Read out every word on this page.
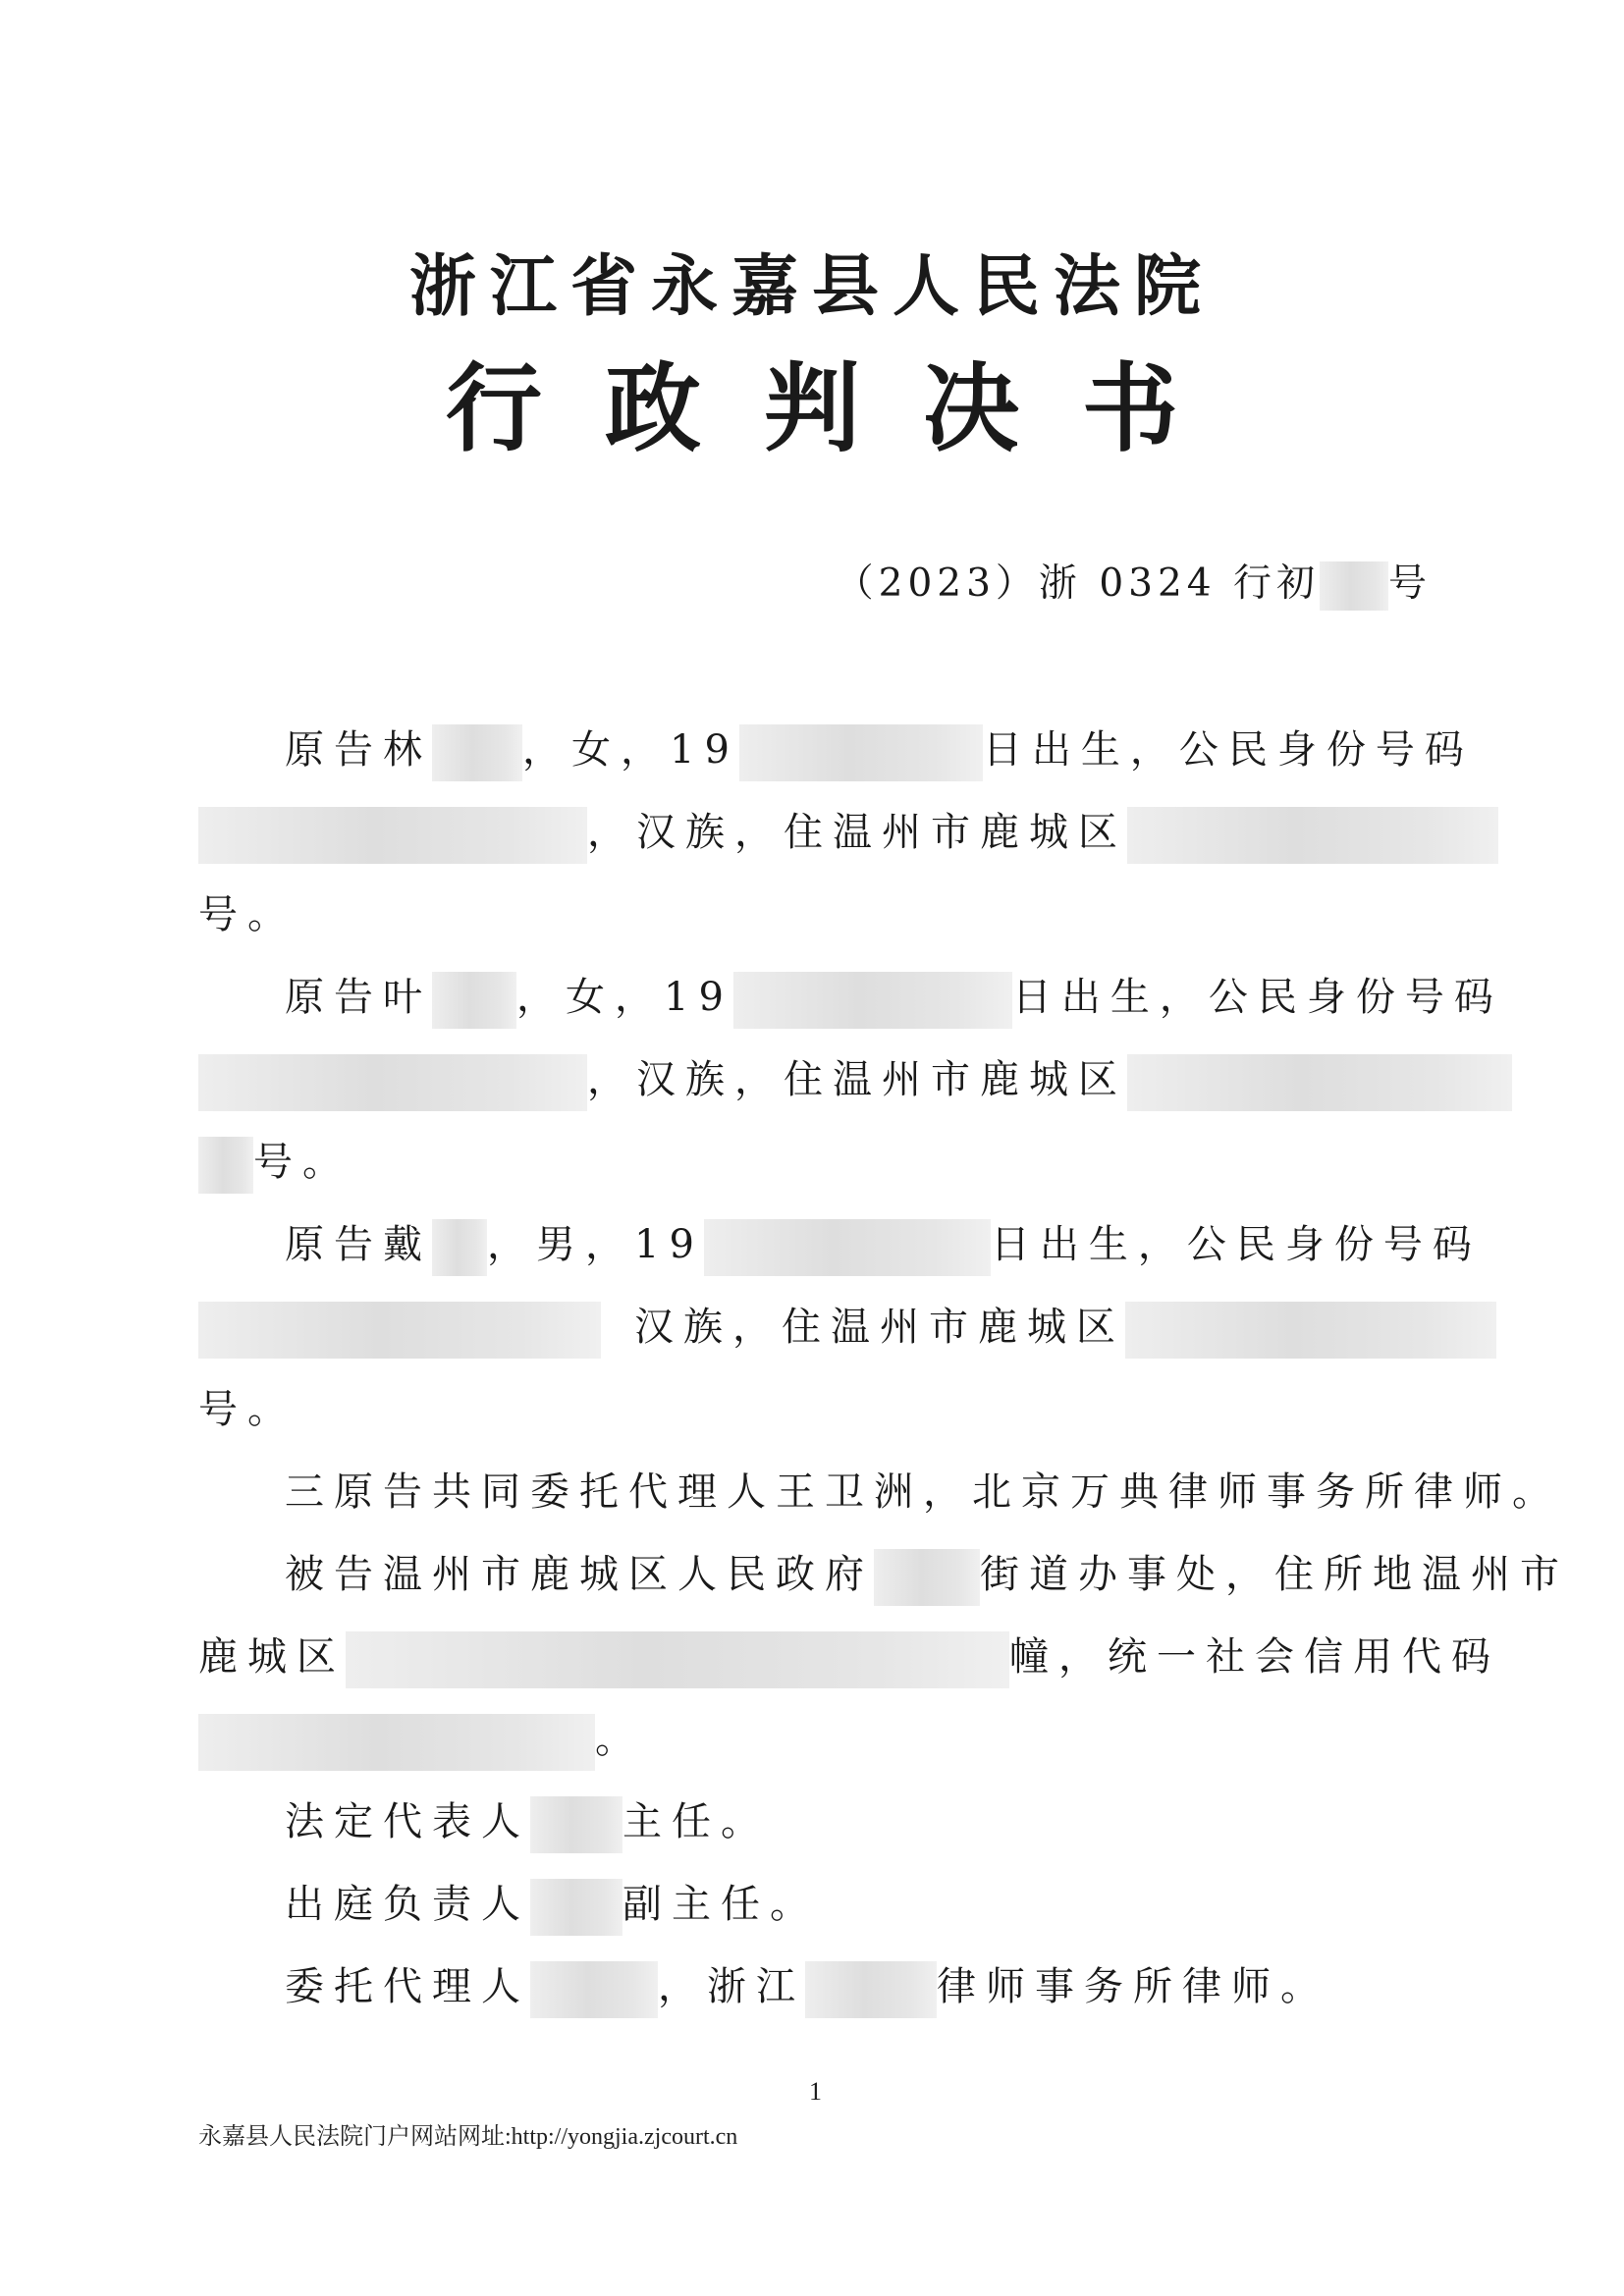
浙江省永嘉县人民法院
行政判决书
（2023）浙 0324 行初 号
原告林 ，女，19	日出生，公民身份号码
，汉族，住温州市鹿城区
号。
原告叶 ，女，19	日出生，公民身份号码
，汉族，住温州市鹿城区
号。
原告戴 ，男，19	日出生，公民身份号码
汉族，住温州市鹿城区
号。
三原告共同委托代理人王卫洲，北京万典律师事务所律师。
被告温州市鹿城区人民政府	街道办事处，住所地温州市
鹿城区	幢，统一社会信用代码
。
法定代表人 主任。
出庭负责人 副主任。
委托代理人	，浙江	律师事务所律师。
1
永嘉县人民法院门户网站网址:http://yongjia.zjcourt.cn
